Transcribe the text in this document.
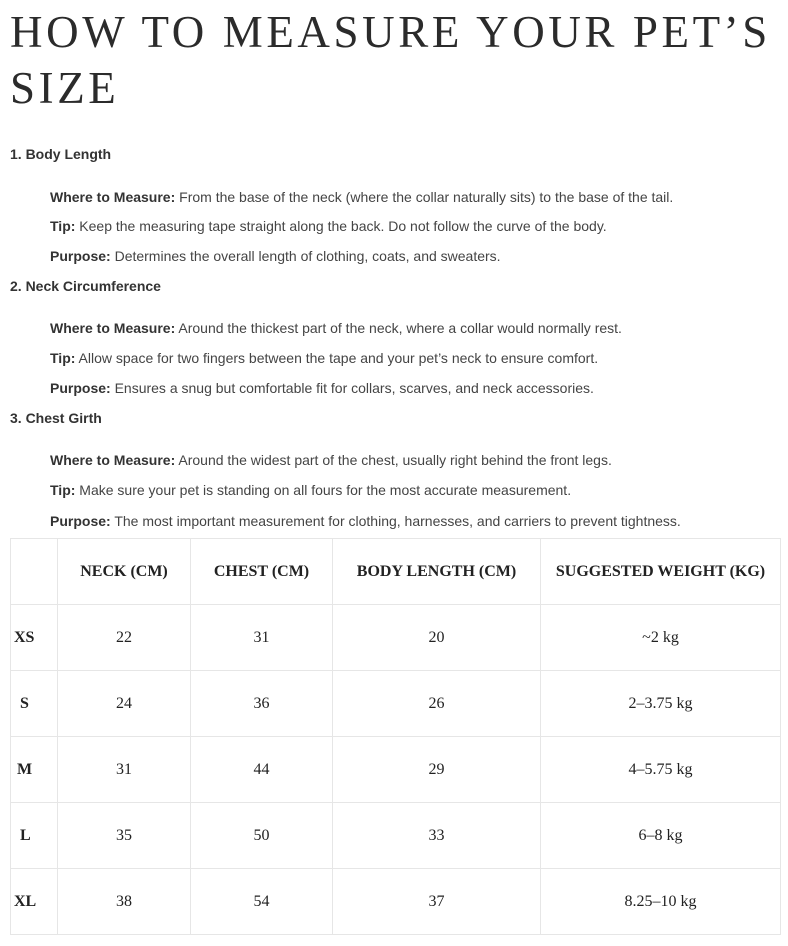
HOW TO MEASURE YOUR PET’S SIZE

1. Body Length

Where to Measure: From the base of the neck (where the collar naturally sits) to the base of the tail.

Tip: Keep the measuring tape straight along the back. Do not follow the curve of the body.

Purpose: Determines the overall length of clothing, coats, and sweaters.

2. Neck Circumference

Where to Measure: Around the thickest part of the neck, where a collar would normally rest.

Tip: Allow space for two fingers between the tape and your pet’s neck to ensure comfort.

Purpose: Ensures a snug but comfortable fit for collars, scarves, and neck accessories.

3. Chest Girth

Where to Measure: Around the widest part of the chest, usually right behind the front legs.

Tip: Make sure your pet is standing on all fours for the most accurate measurement.

Purpose: The most important measurement for clothing, harnesses, and carriers to prevent tightness.

	NECK (CM)	CHEST (CM)	BODY LENGTH (CM)	SUGGESTED WEIGHT (KG)
XS	22	31	20	~2 kg
S	24	36	26	2–3.75 kg
M	31	44	29	4–5.75 kg
L	35	50	33	6–8 kg
XL	38	54	37	8.25–10 kg
